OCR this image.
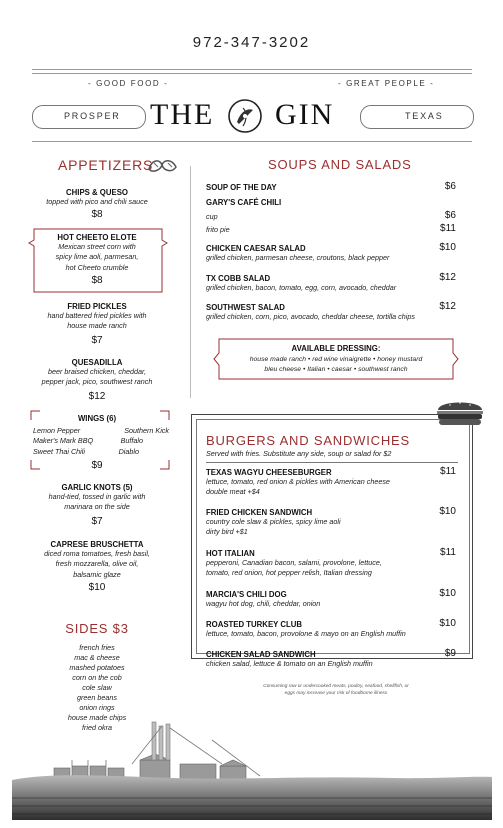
972-347-3202
- GOOD FOOD -	- GREAT PEOPLE -
PROSPER	TEXAS
THE GIN
APPETIZERS
CHIPS & QUESO
topped with pico and chili sauce
$8
HOT CHEETO ELOTE
Mexican street corn with
spicy lime aoli, parmesan,
hot Cheeto crumble
$8
FRIED PICKLES
hand battered fried pickles with
house made ranch
$7
QUESADILLA
beer braised chicken, cheddar,
pepper jack, pico, southwest ranch
$12
WINGS (6)
Lemon Pepper	Southern Kick
Maker's Mark BBQ	Buffalo
Sweet Thai Chili	Diablo
$9
GARLIC KNOTS (5)
hand-tied, tossed in garlic with
marinara on the side
$7
CAPRESE BRUSCHETTA
diced roma tomatoes, fresh basil,
fresh mozzarella, olive oil,
balsamic glaze
$10
SIDES $3
french fries
mac & cheese
mashed potatoes
corn on the cob
cole slaw
green beans
onion rings
house made chips
fried okra
SOUPS AND SALADS
SOUP OF THE DAY	$6
GARY'S CAFÉ CHILI
cup	$6
frito pie	$11
CHICKEN CAESAR SALAD
grilled chicken, parmesan cheese, croutons, black pepper
$10
TX COBB SALAD
grilled chicken, bacon, tomato, egg, corn, avocado, cheddar
$12
SOUTHWEST SALAD
grilled chicken, corn, pico, avocado, cheddar cheese, tortilla chips
$12
AVAILABLE DRESSING:
house made ranch • red wine vinaigrette • honey mustard
bleu cheese • Italian • caesar • southwest ranch
BURGERS AND SANDWICHES
Served with fries. Substitute any side, soup or salad for $2
TEXAS WAGYU CHEESEBURGER
lettuce, tomato, red onion & pickles with American cheese
double meat +$4
$11
FRIED CHICKEN SANDWICH
country cole slaw & pickles, spicy lime aoli
dirty bird +$1
$10
HOT ITALIAN
pepperoni, Canadian bacon, salami, provolone, lettuce,
tomato, red onion, hot pepper relish, Italian dressing
$11
MARCIA'S CHILI DOG
wagyu hot dog, chili, cheddar, onion
$10
ROASTED TURKEY CLUB
lettuce, tomato, bacon, provolone & mayo on an English muffin
$10
CHICKEN SALAD SANDWICH
chicken salad, lettuce & tomato on an English muffin
$9
Consuming raw or undercooked meats, poultry, seafood, shellfish, or
eggs may increase your risk of foodborne illness
